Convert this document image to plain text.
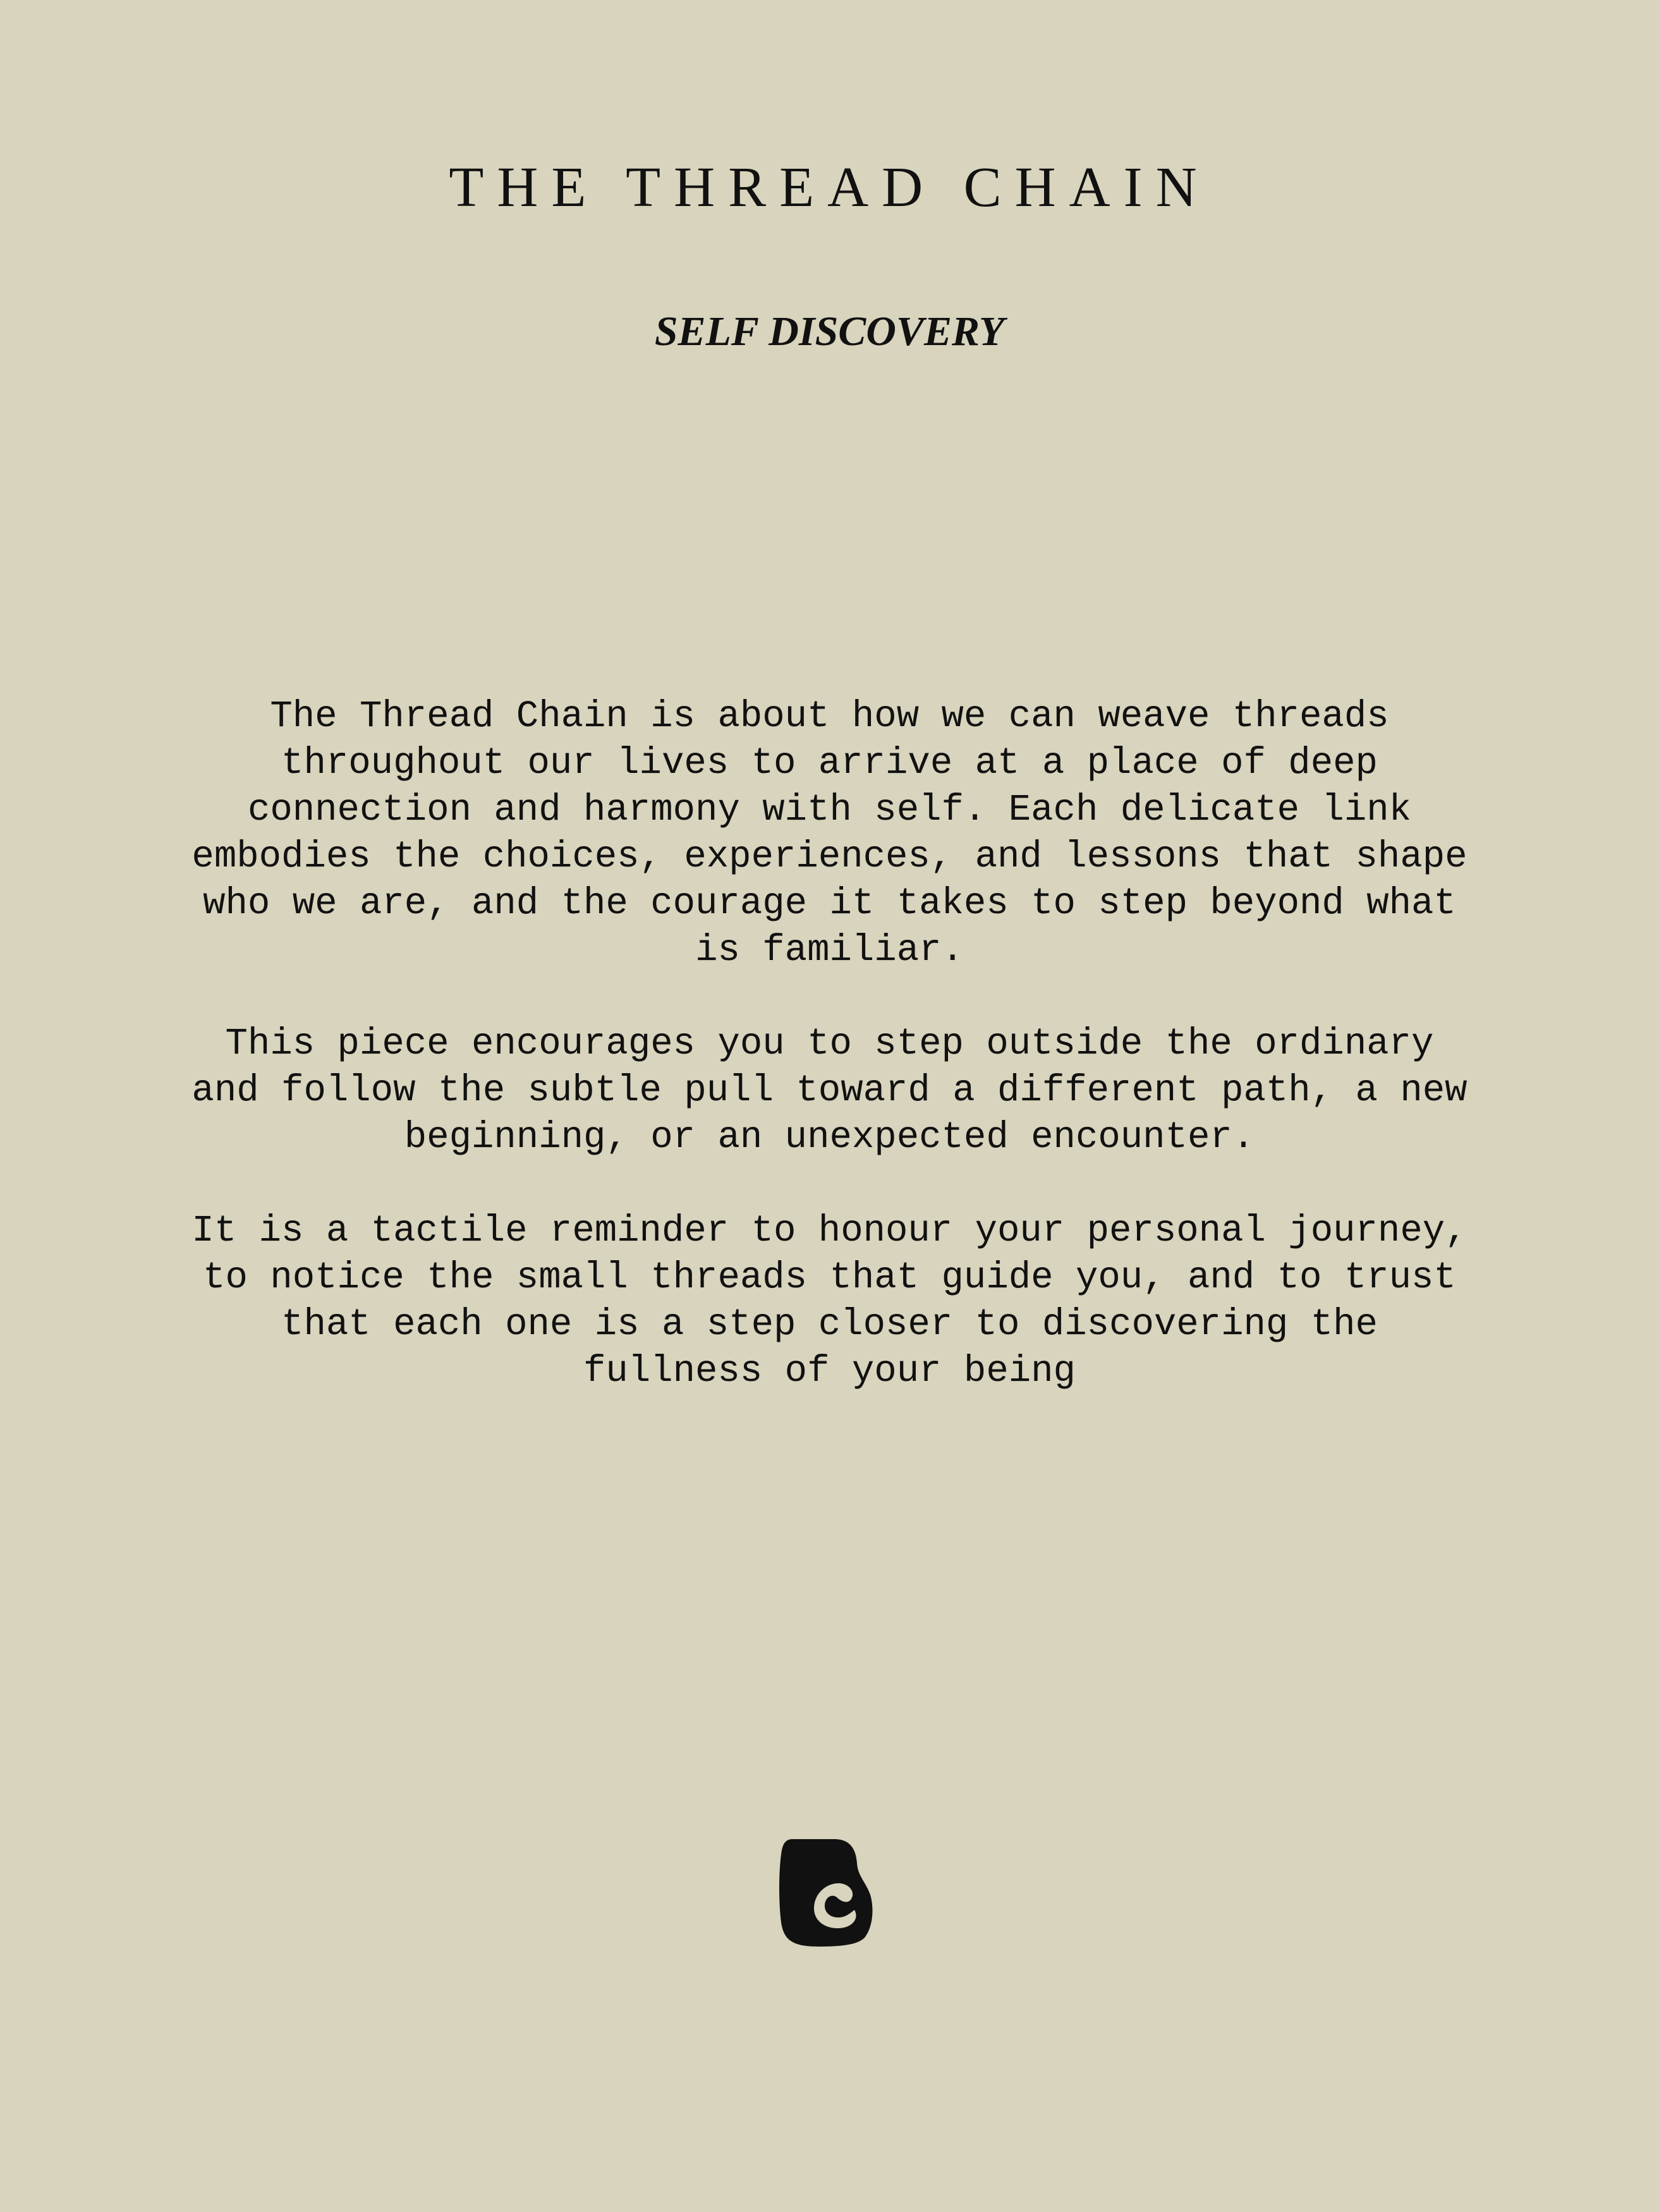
THE THREAD CHAIN
SELF DISCOVERY

The Thread Chain is about how we can weave threads throughout our lives to arrive at a place of deep connection and harmony with self. Each delicate link embodies the choices, experiences, and lessons that shape who we are, and the courage it takes to step beyond what is familiar.

This piece encourages you to step outside the ordinary and follow the subtle pull toward a different path, a new beginning, or an unexpected encounter.

It is a tactile reminder to honour your personal journey, to notice the small threads that guide you, and to trust that each one is a step closer to discovering the fullness of your being
